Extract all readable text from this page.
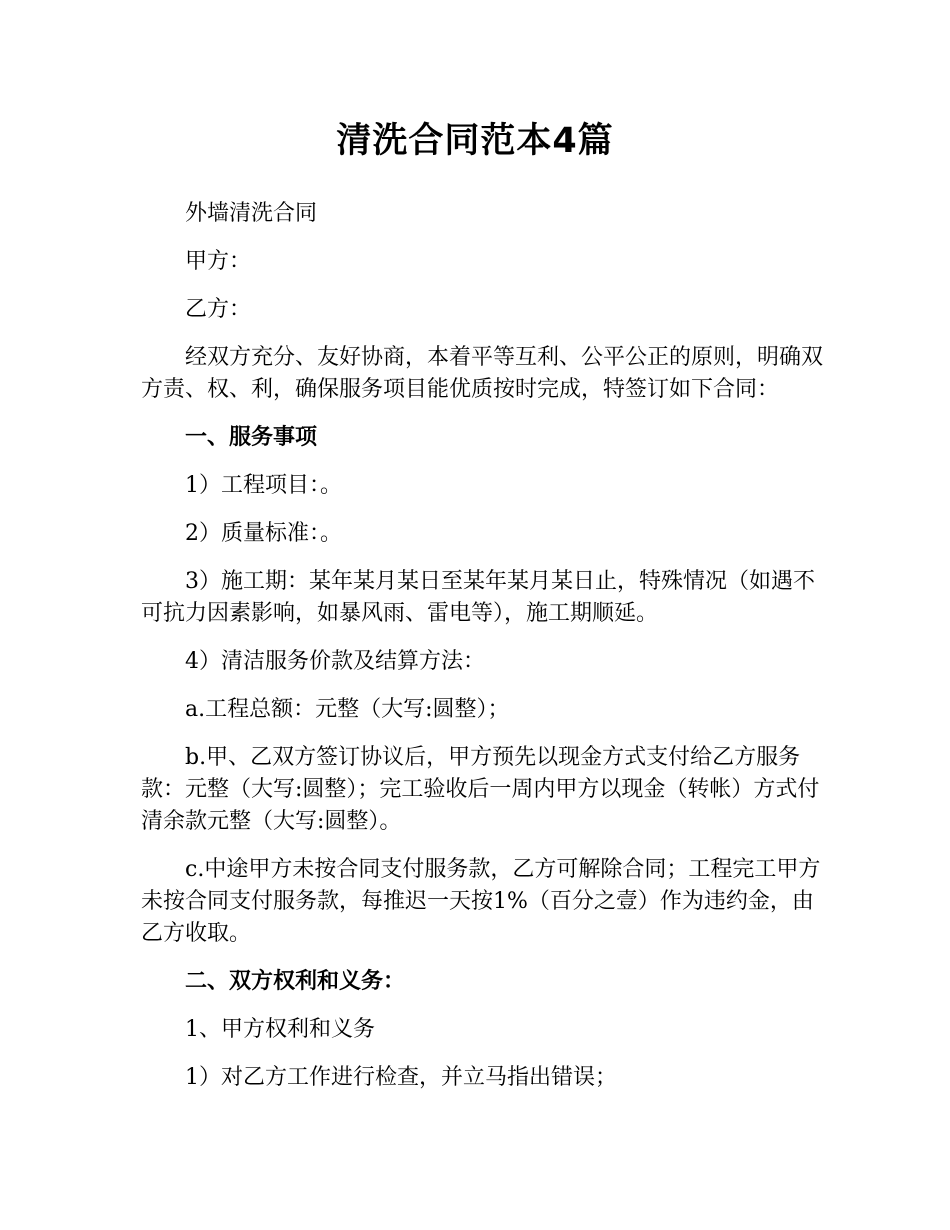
清洗合同范本4篇

外墙清洗合同

甲方：

乙方：

经双方充分、友好协商，本着平等互利、公平公正的原则，明确双方责、权、利，确保服务项目能优质按时完成，特签订如下合同：

一、服务事项

1）工程项目：。

2）质量标准：。

3）施工期：某年某月某日至某年某月某日止，特殊情况（如遇不可抗力因素影响，如暴风雨、雷电等），施工期顺延。

4）清洁服务价款及结算方法：

a.工程总额：元整（大写:圆整）；

b.甲、乙双方签订协议后，甲方预先以现金方式支付给乙方服务款：元整（大写:圆整）；完工验收后一周内甲方以现金（转帐）方式付清余款元整（大写:圆整）。

c.中途甲方未按合同支付服务款，乙方可解除合同；工程完工甲方未按合同支付服务款，每推迟一天按1%（百分之壹）作为违约金，由乙方收取。

二、双方权利和义务：

1、甲方权利和义务

1）对乙方工作进行检查，并立马指出错误；
